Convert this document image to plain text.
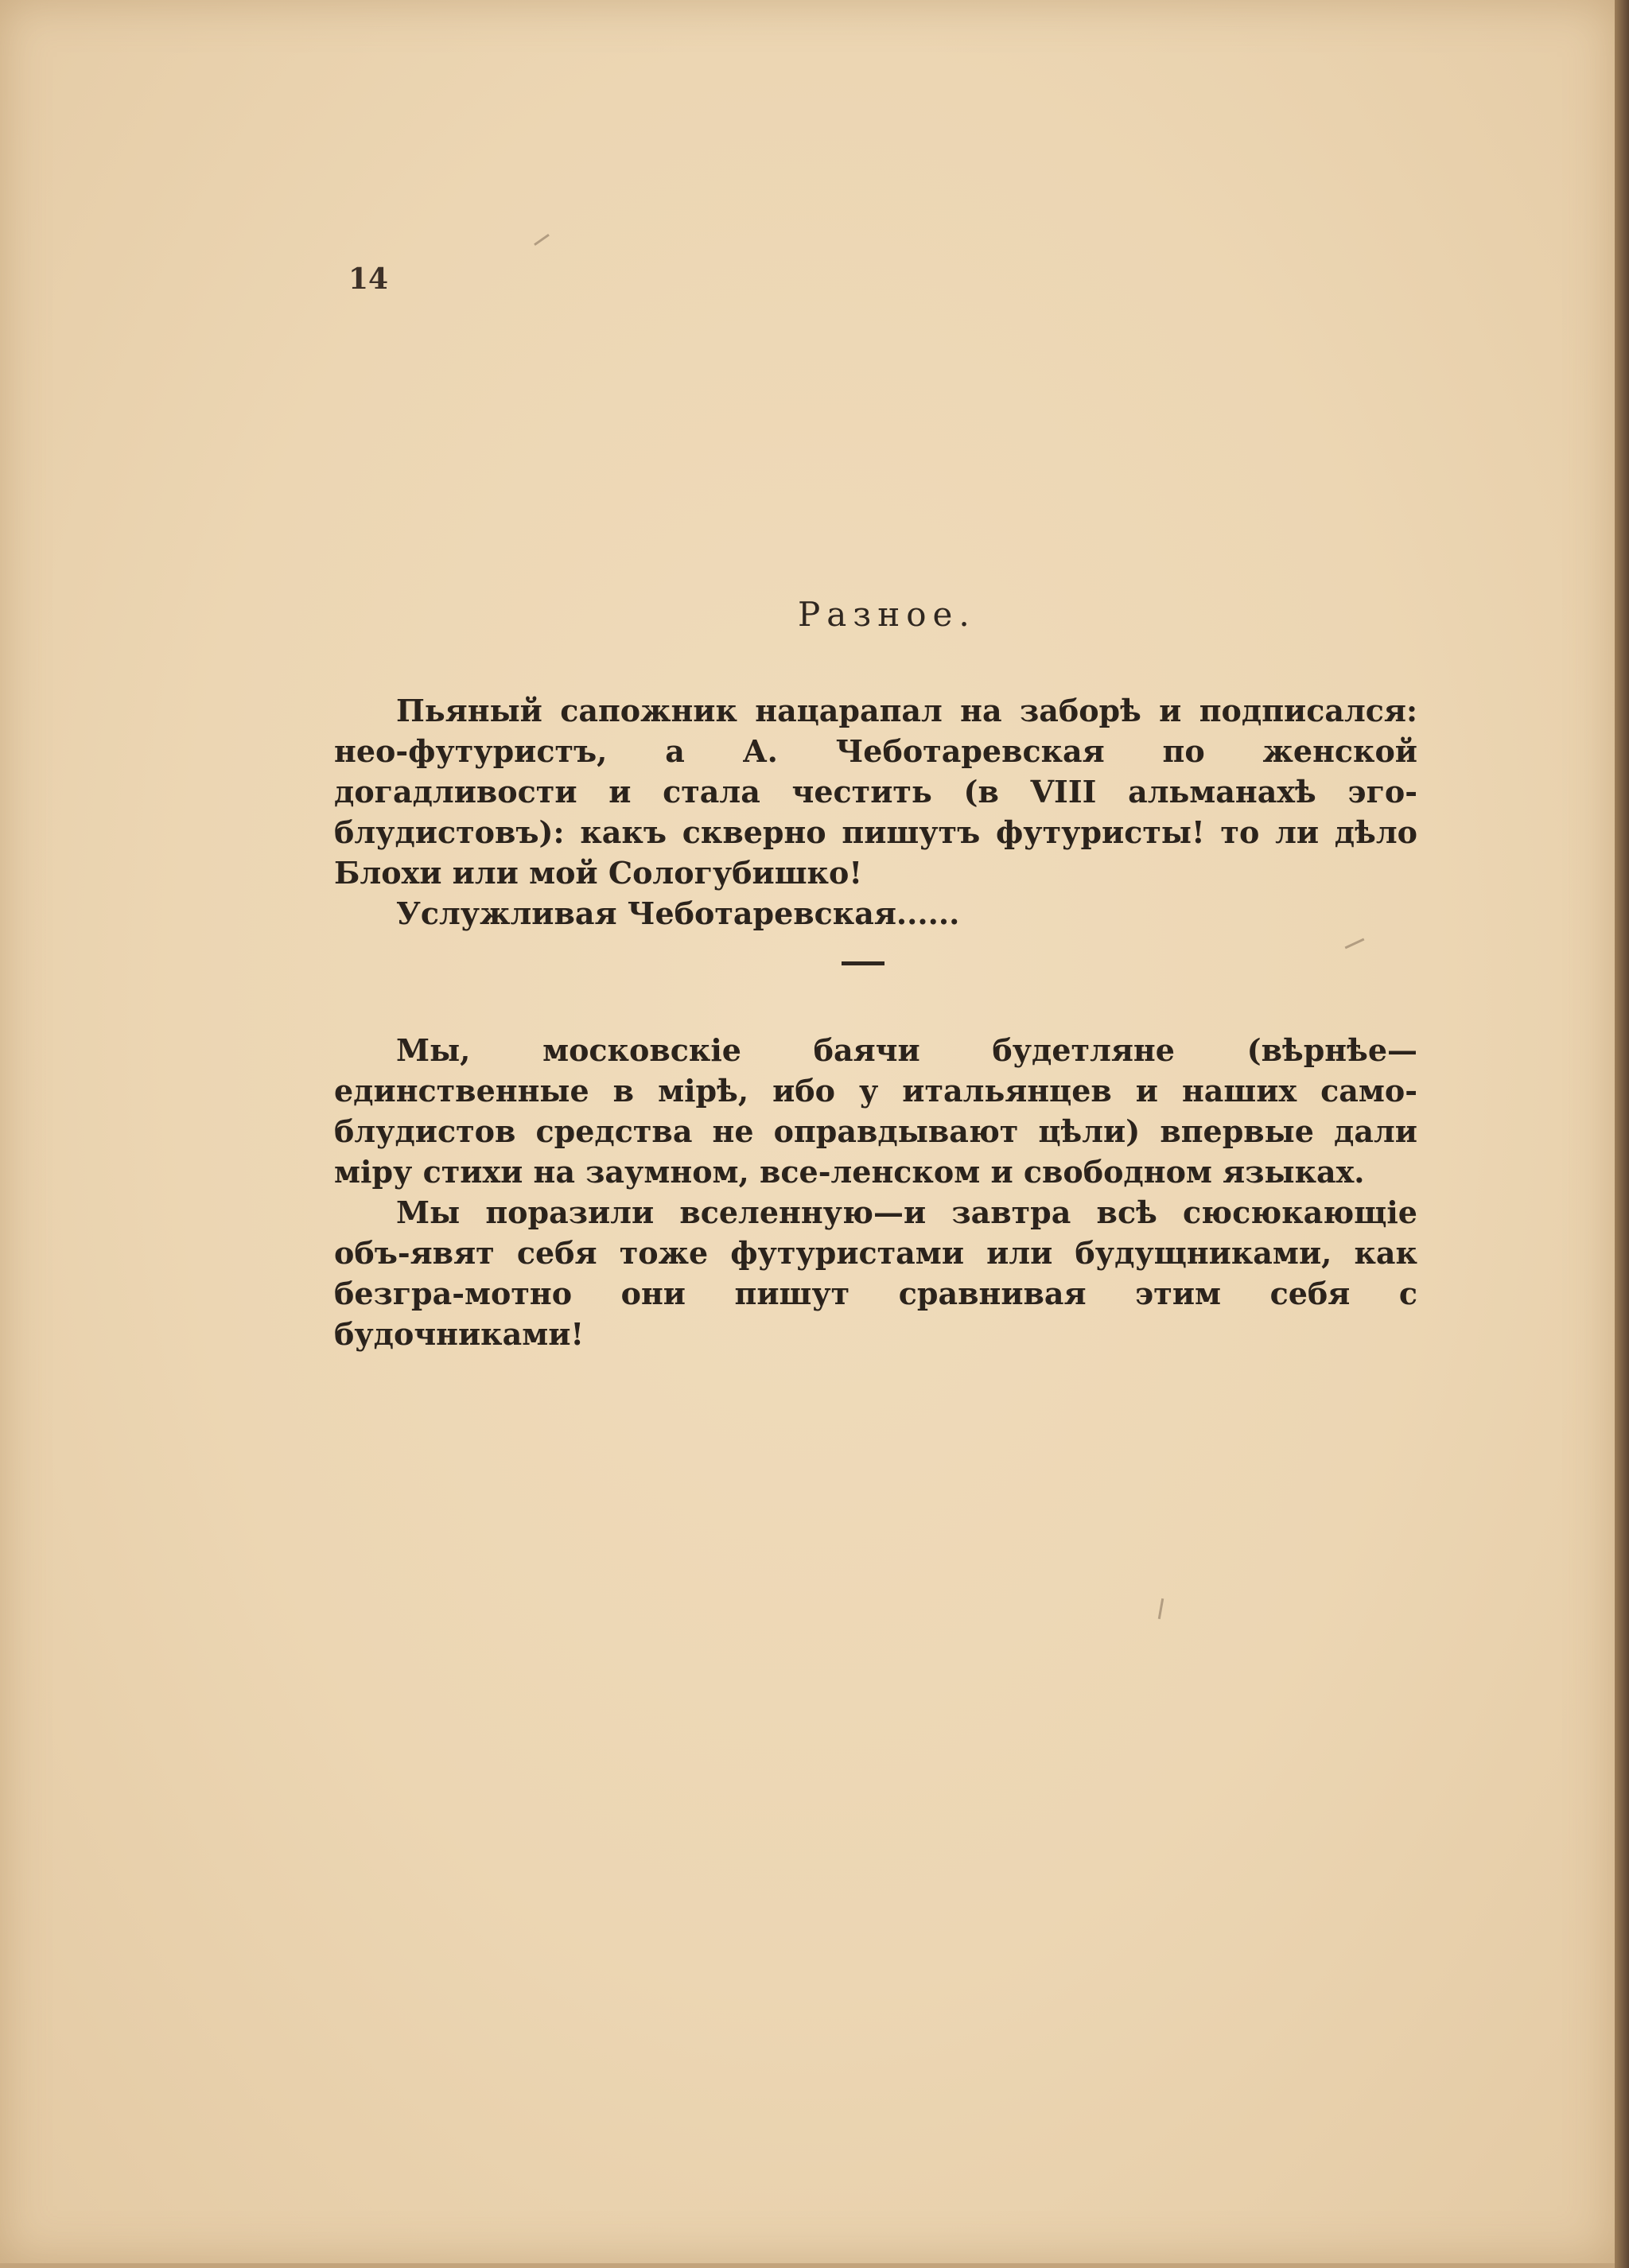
14
Разное.

Пьяный сапожник нацарапал на заборѣ и подписался: нео-футуристъ, а А. Чеботаревская по женской догадливости и стала честить (в VIII альманахѣ эго-блудистовъ): какъ скверно пишутъ футуристы! то ли дѣло Блохи или мой Сологубишко!

Услужливая Чеботаревская......

Мы, московскiе баячи будетляне (вѣрнѣе—единственные в мiрѣ, ибо у итальянцев и наших само-блудистов средства не оправдывают цѣли) впервые дали мiру стихи на заумном, все-ленском и свободном языках.

Мы поразили вселенную—и завтра всѣ сюсюкающiе объ-явят себя тоже футуристами или будущниками, как безгра-мотно они пишут сравнивая этим себя с будочниками!
